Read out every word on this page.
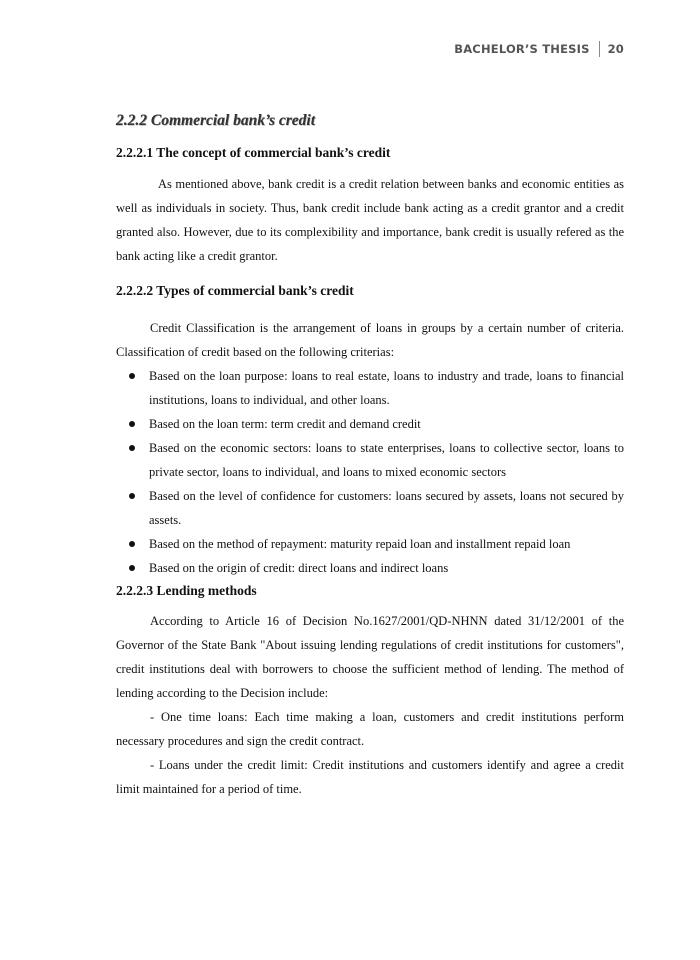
BACHELOR’S THESIS 20
2.2.2 Commercial bank’s credit
2.2.2.1 The concept of commercial bank’s credit

As mentioned above, bank credit is a credit relation between banks and economic entities as well as individuals in society. Thus, bank credit include bank acting as a credit grantor and a credit granted also. However, due to its complexibility and importance, bank credit is usually refered as the bank acting like a credit grantor.

2.2.2.2 Types of commercial bank’s credit

Credit Classification is the arrangement of loans in groups by a certain number of criteria. Classification of credit based on the following criterias:

Based on the loan purpose: loans to real estate, loans to industry and trade, loans to financial institutions, loans to individual, and other loans.
Based on the loan term: term credit and demand credit
Based on the economic sectors: loans to state enterprises, loans to collective sector, loans to private sector, loans to individual, and loans to mixed economic sectors
Based on the level of confidence for customers: loans secured by assets, loans not secured by assets.
Based on the method of repayment: maturity repaid loan and installment repaid loan
Based on the origin of credit: direct loans and indirect loans
2.2.2.3 Lending methods

According to Article 16 of Decision No.1627/2001/QD-NHNN dated 31/12/2001 of the Governor of the State Bank "About issuing lending regulations of credit institutions for customers", credit institutions deal with borrowers to choose the sufficient method of lending. The method of lending according to the Decision include:

- One time loans: Each time making a loan, customers and credit institutions perform necessary procedures and sign the credit contract.

- Loans under the credit limit: Credit institutions and customers identify and agree a credit limit maintained for a period of time.
